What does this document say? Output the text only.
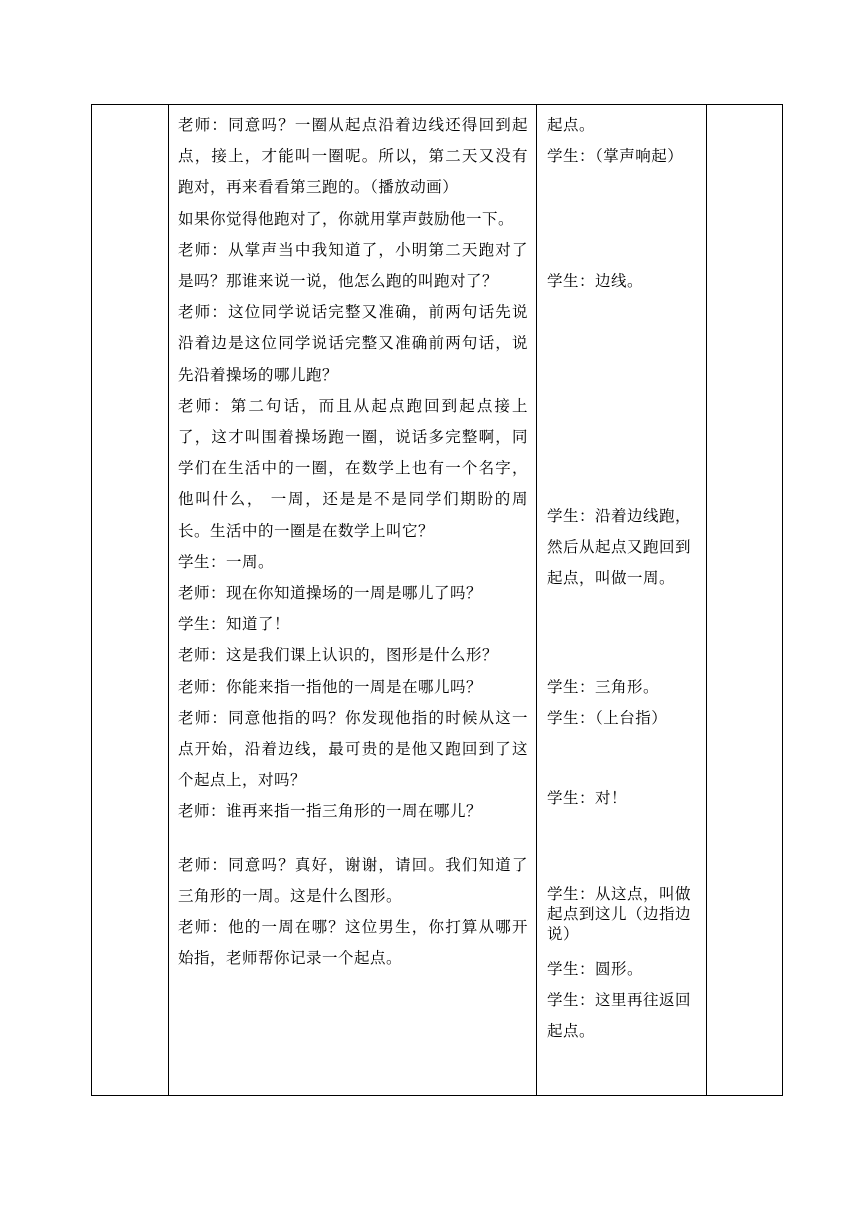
老师：同意吗？一圈从起点沿着边线还得回到起点，接上，才能叫一圈呢。所以，第二天又没有跑对，再来看看第三跑的。（播放动画）

如果你觉得他跑对了，你就用掌声鼓励他一下。

老师：从掌声当中我知道了，小明第二天跑对了是吗？那谁来说一说，他怎么跑的叫跑对了？

老师：这位同学说话完整又准确，前两句话先说沿着边是这位同学说话完整又准确前两句话，说先沿着操场的哪儿跑？

老师：第二句话，而且从起点跑回到起点接上了，这才叫围着操场跑一圈，说话多完整啊，同学们在生活中的一圈，在数学上也有一个名字，他叫什么， 一周，还是是不是同学们期盼的周长。生活中的一圈是在数学上叫它？

学生：一周。

老师：现在你知道操场的一周是哪儿了吗？

学生：知道了！

老师：这是我们课上认识的，图形是什么形？

老师：你能来指一指他的一周是在哪儿吗？

老师：同意他指的吗？你发现他指的时候从这一点开始，沿着边线，最可贵的是他又跑回到了这个起点上，对吗？

老师：谁再来指一指三角形的一周在哪儿？

老师：同意吗？真好，谢谢，请回。我们知道了三角形的一周。这是什么图形。

老师：他的一周在哪？这位男生，你打算从哪开始指，老师帮你记录一个起点。

起点。
学生：（掌声响起）
学生：边线。
学生：沿着边线跑，然后从起点又跑回到起点，叫做一周。
学生：三角形。
学生：（上台指）
学生：对！
学生：从这点，叫做起点到这儿（边指边说）
学生：圆形。
学生：这里再往返回起点。
